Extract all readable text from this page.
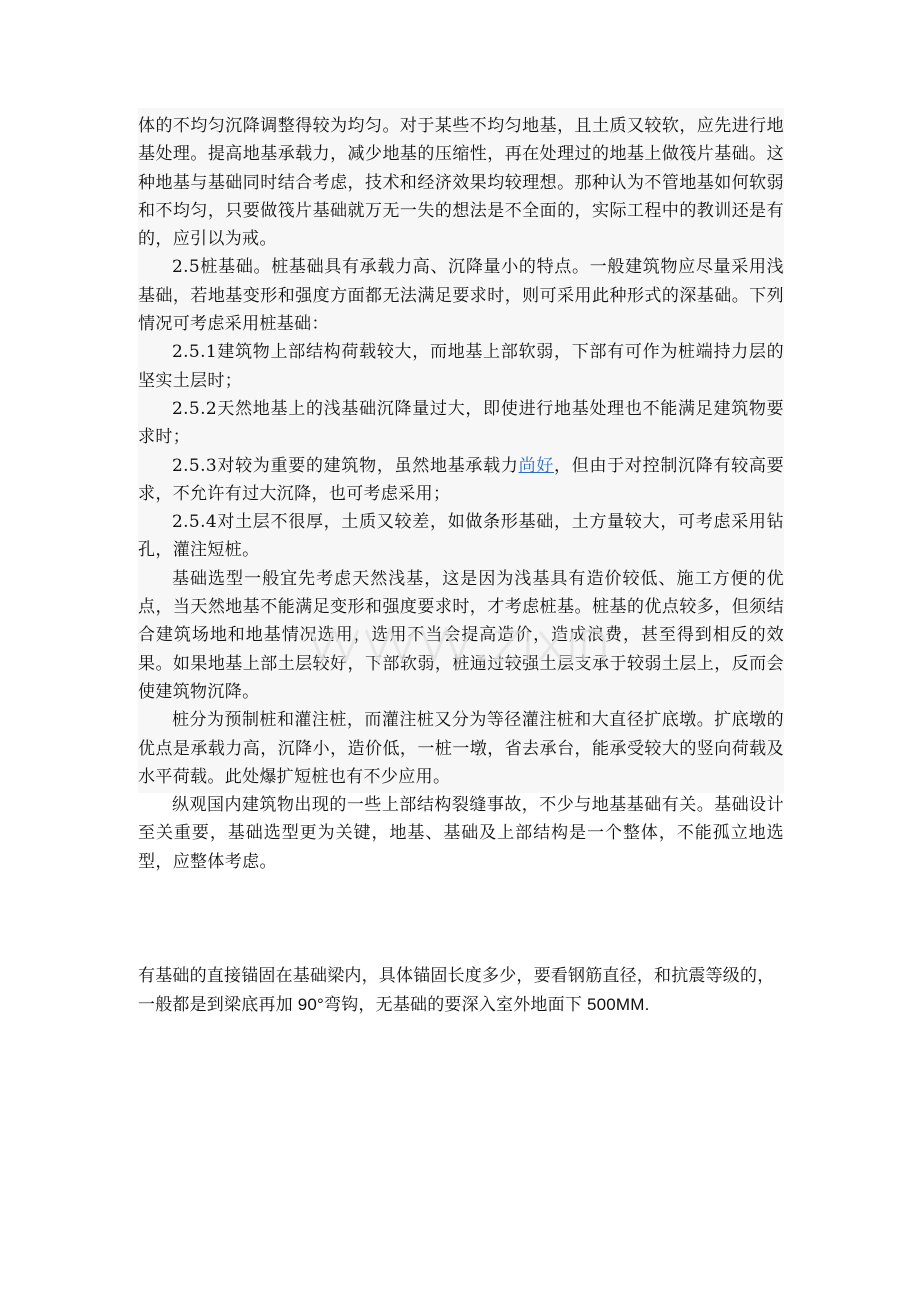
体的不均匀沉降调整得较为均匀。对于某些不均匀地基，且土质又较软，应先进行地基处理。提高地基承载力，减少地基的压缩性，再在处理过的地基上做筏片基础。这种地基与基础同时结合考虑，技术和经济效果均较理想。那种认为不管地基如何软弱和不均匀，只要做筏片基础就万无一失的想法是不全面的，实际工程中的教训还是有的，应引以为戒。

2.5桩基础。桩基础具有承载力高、沉降量小的特点。一般建筑物应尽量采用浅基础，若地基变形和强度方面都无法满足要求时，则可采用此种形式的深基础。下列情况可考虑采用桩基础：

2.5.1建筑物上部结构荷载较大，而地基上部软弱，下部有可作为桩端持力层的坚实土层时；

2.5.2天然地基上的浅基础沉降量过大，即使进行地基处理也不能满足建筑物要求时；

2.5.3对较为重要的建筑物，虽然地基承载力尚好，但由于对控制沉降有较高要求，不允许有过大沉降，也可考虑采用；

2.5.4对土层不很厚，土质又较差，如做条形基础，土方量较大，可考虑采用钻孔，灌注短桩。

基础选型一般宜先考虑天然浅基，这是因为浅基具有造价较低、施工方便的优点，当天然地基不能满足变形和强度要求时，才考虑桩基。桩基的优点较多，但须结合建筑场地和地基情况选用，选用不当会提高造价，造成浪费，甚至得到相反的效果。如果地基上部土层较好，下部软弱，桩通过较强土层支承于较弱土层上，反而会使建筑物沉降。

桩分为预制桩和灌注桩，而灌注桩又分为等径灌注桩和大直径扩底墩。扩底墩的优点是承载力高，沉降小，造价低，一桩一墩，省去承台，能承受较大的竖向荷载及水平荷载。此处爆扩短桩也有不少应用。

纵观国内建筑物出现的一些上部结构裂缝事故，不少与地基基础有关。基础设计至关重要，基础选型更为关键，地基、基础及上部结构是一个整体，不能孤立地选型，应整体考虑。

有基础的直接锚固在基础梁内，具体锚固长度多少，要看钢筋直径，和抗震等级的，一般都是到梁底再加 90°弯钩，无基础的要深入室外地面下 500MM.
